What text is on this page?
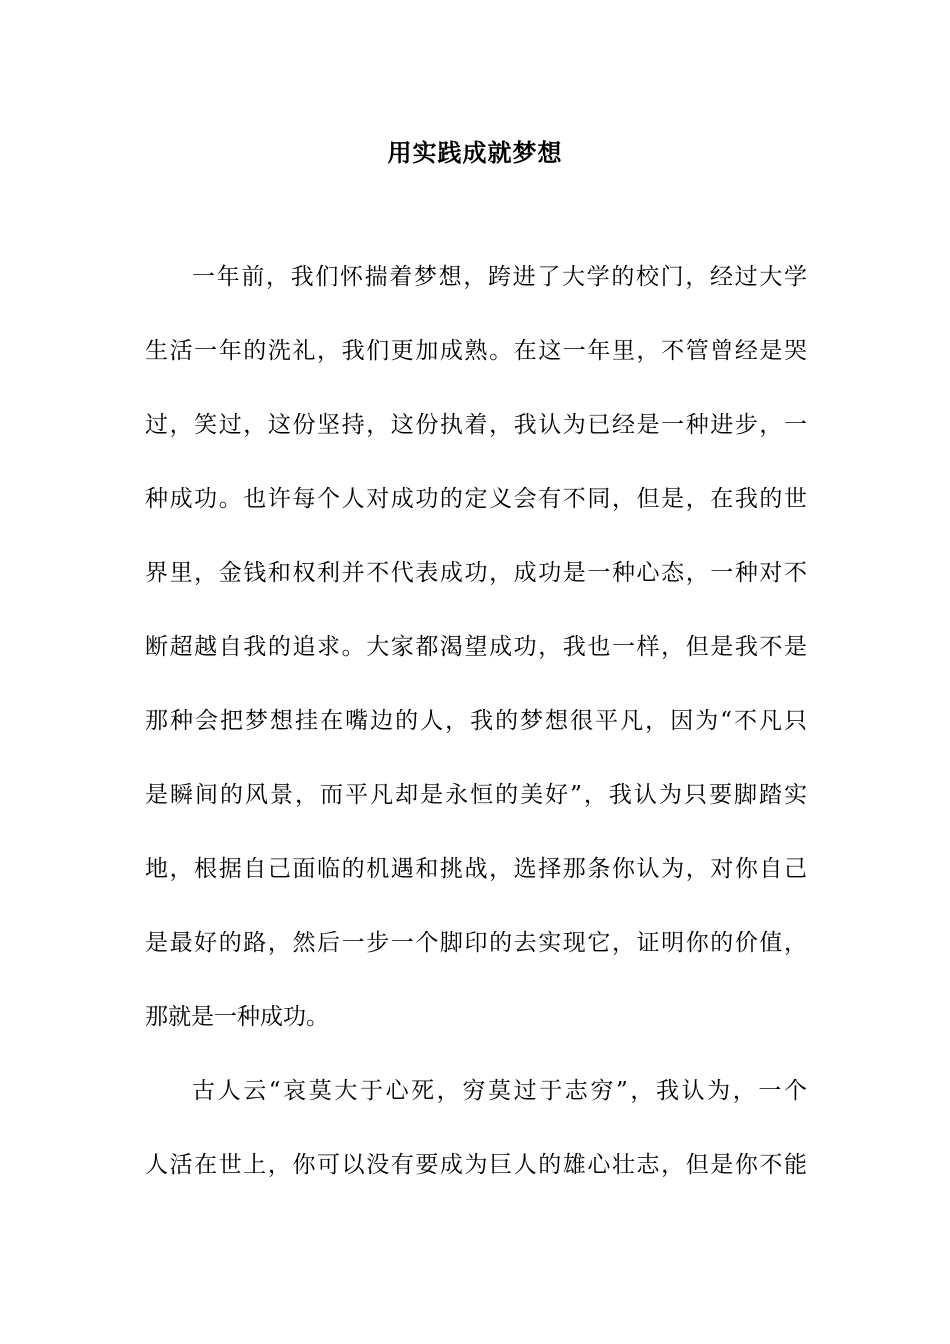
用实践成就梦想
一年前，我们怀揣着梦想，跨进了大学的校门，经过大学
生活一年的洗礼，我们更加成熟。在这一年里，不管曾经是哭
过，笑过，这份坚持，这份执着，我认为已经是一种进步，一
种成功。也许每个人对成功的定义会有不同，但是，在我的世
界里，金钱和权利并不代表成功，成功是一种心态，一种对不
断超越自我的追求。大家都渴望成功，我也一样，但是我不是
那种会把梦想挂在嘴边的人，我的梦想很平凡，因为“不凡只
是瞬间的风景，而平凡却是永恒的美好”，我认为只要脚踏实
地，根据自己面临的机遇和挑战，选择那条你认为，对你自己
是最好的路，然后一步一个脚印的去实现它，证明你的价值，
那就是一种成功。
古人云“哀莫大于心死，穷莫过于志穷”，我认为，一个
人活在世上，你可以没有要成为巨人的雄心壮志，但是你不能
